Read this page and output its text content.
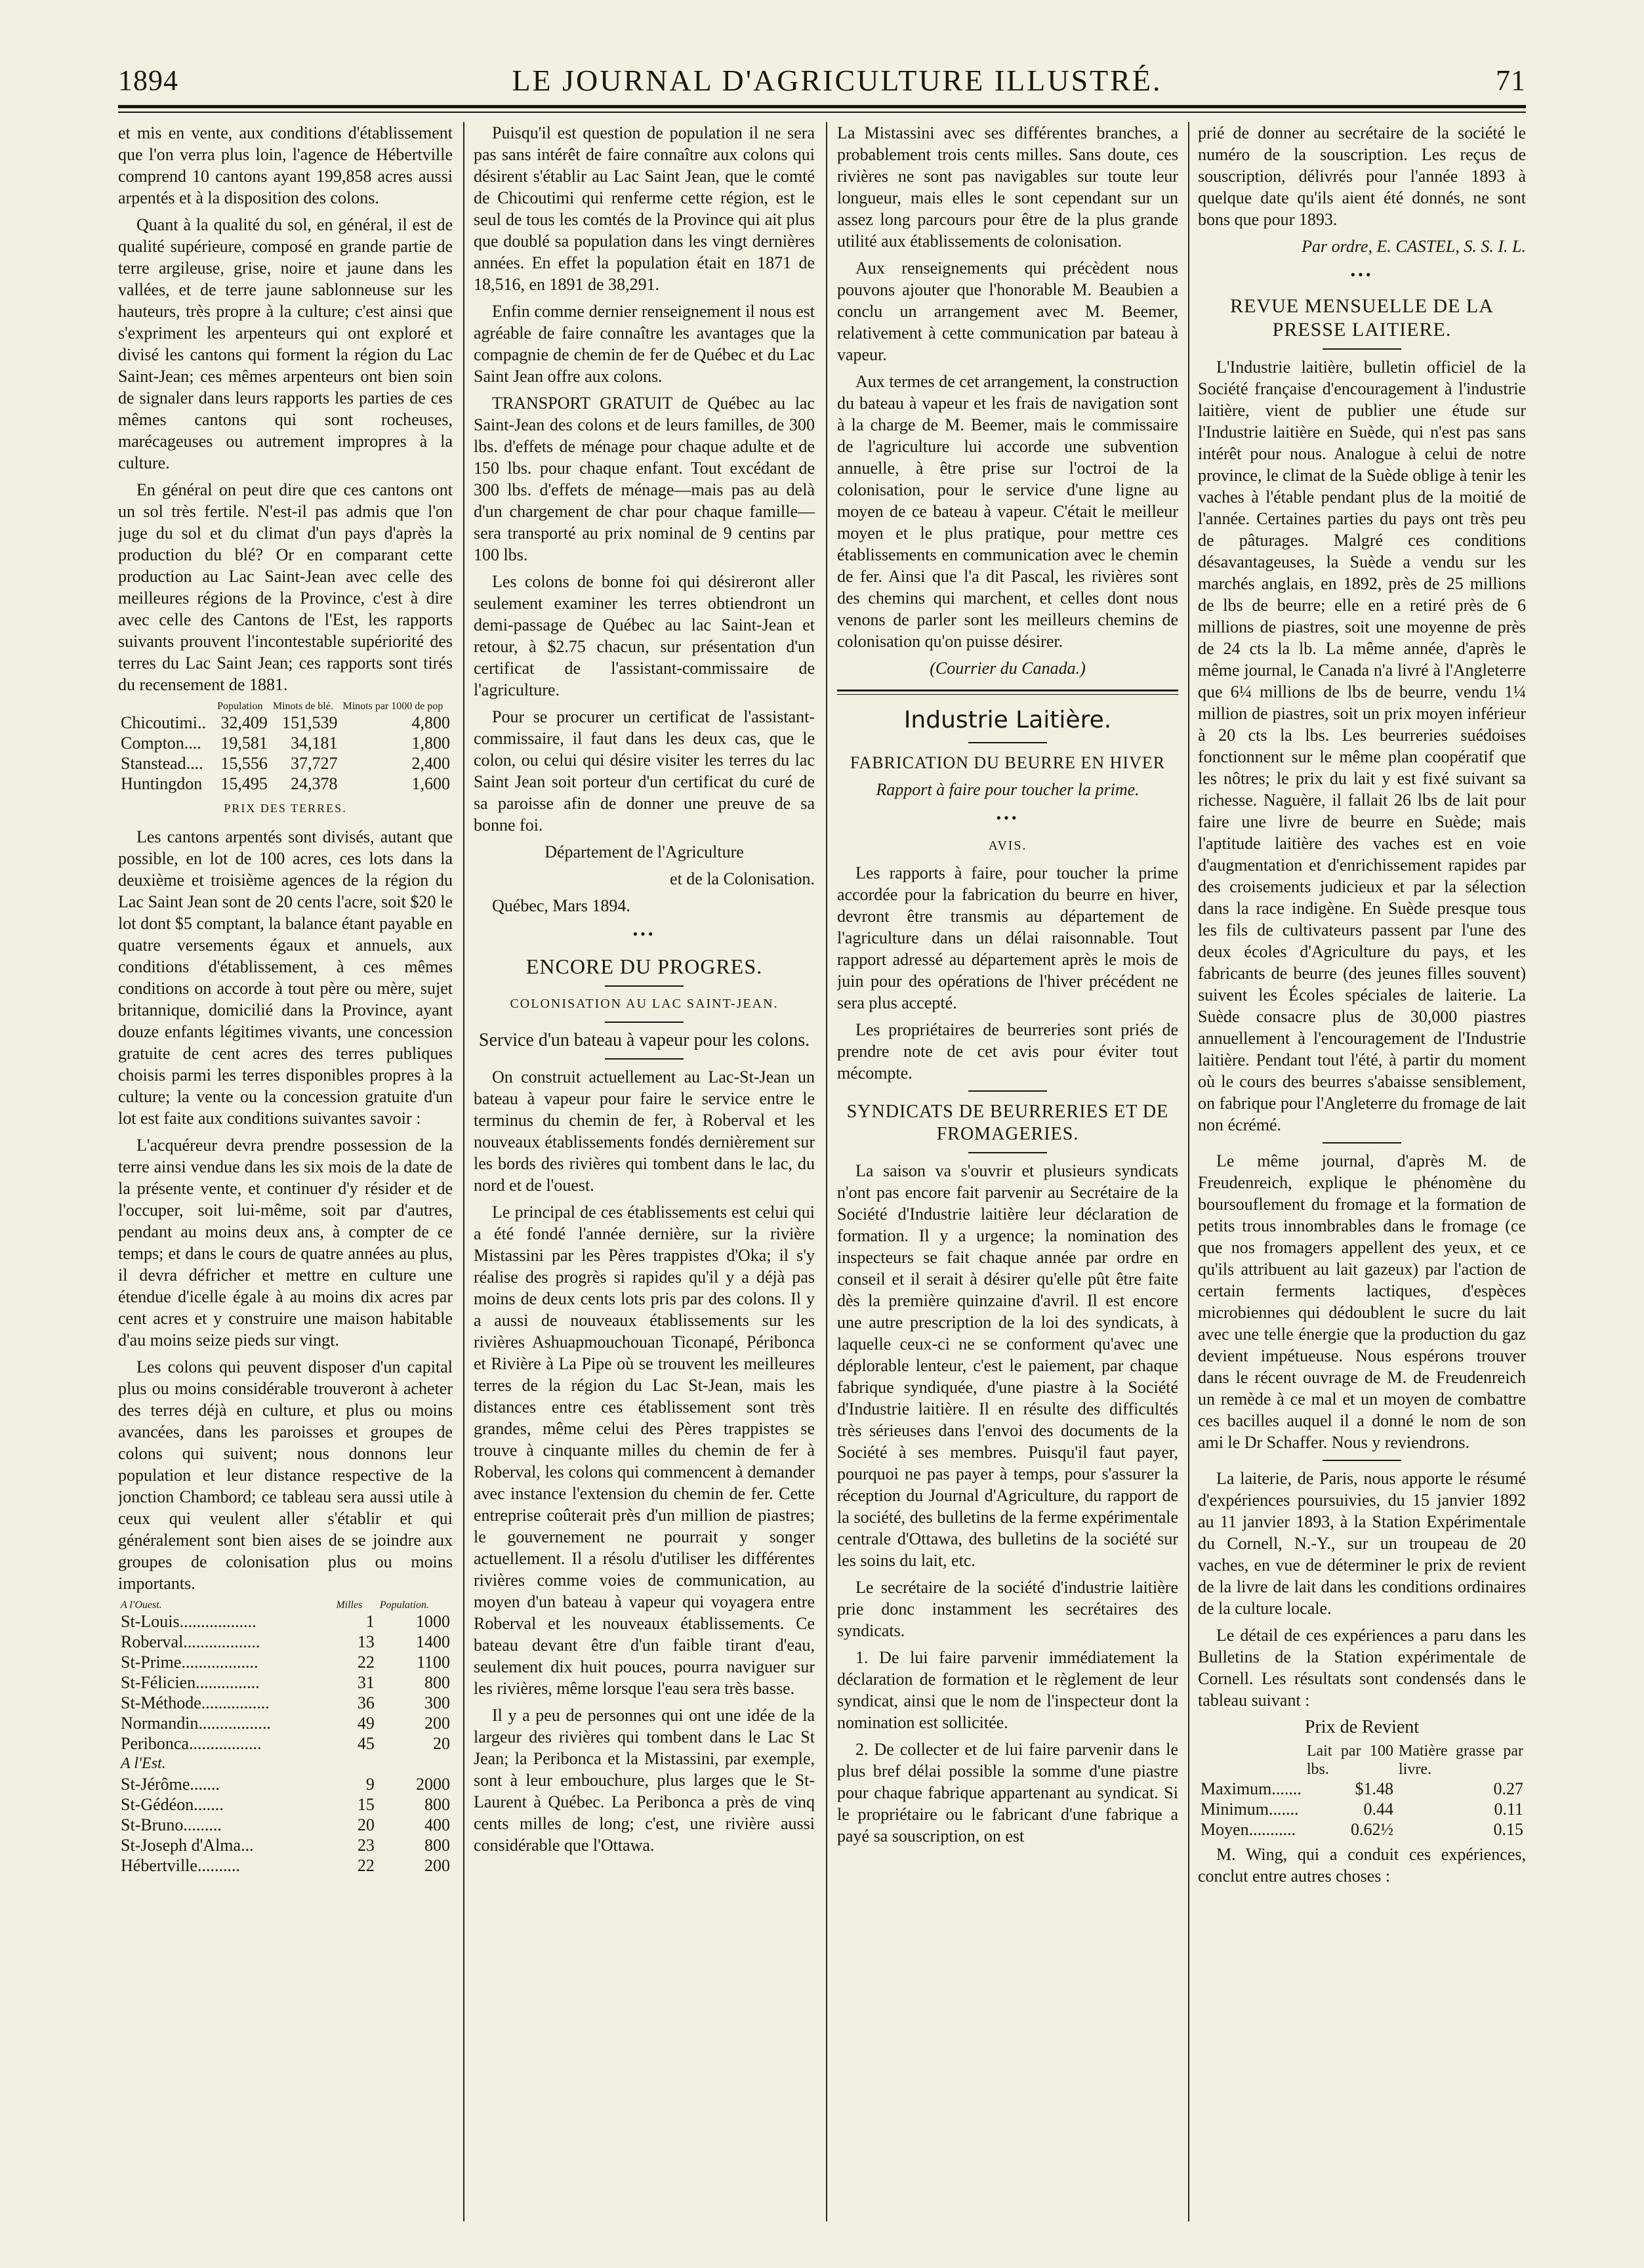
1894	LE JOURNAL D'AGRICULTURE ILLUSTRÉ.	71

et mis en vente, aux conditions d'établissement que l'on verra plus loin, l'agence de Hébertville comprend 10 cantons ayant 199,858 acres aussi arpentés et à la disposition des colons.

Quant à la qualité du sol, en général, il est de qualité supérieure, composé en grande partie de terre argileuse, grise, noire et jaune dans les vallées, et de terre jaune sablonneuse sur les hauteurs, très propre à la culture; c'est ainsi que s'expriment les arpenteurs qui ont exploré et divisé les cantons qui forment la région du Lac Saint-Jean; ces mêmes arpenteurs ont bien soin de signaler dans leurs rapports les parties de ces mêmes cantons qui sont rocheuses, marécageuses ou autrement impropres à la culture.

En général on peut dire que ces cantons ont un sol très fertile. N'est-il pas admis que l'on juge du sol et du climat d'un pays d'après la production du blé? Or en comparant cette production au Lac Saint-Jean avec celle des meilleures régions de la Province, c'est à dire avec celle des Cantons de l'Est, les rapports suivants prouvent l'incontestable supériorité des terres du Lac Saint Jean; ces rapports sont tirés du recensement de 1881.

	Population	Minots de blé.	Minots par 1000 de pop
Chicoutimi..	32,409	151,539	4,800
Compton....	19,581	34,181	1,800
Stanstead....	15,556	37,727	2,400
Huntingdon	15,495	24,378	1,600
PRIX DES TERRES.

Les cantons arpentés sont divisés, autant que possible, en lot de 100 acres, ces lots dans la deuxième et troisième agences de la région du Lac Saint Jean sont de 20 cents l'acre, soit $20 le lot dont $5 comptant, la balance étant payable en quatre versements égaux et annuels, aux conditions d'établissement, à ces mêmes conditions on accorde à tout père ou mère, sujet britannique, domicilié dans la Province, ayant douze enfants légitimes vivants, une concession gratuite de cent acres des terres publiques choisis parmi les terres disponibles propres à la culture; la vente ou la concession gratuite d'un lot est faite aux conditions suivantes savoir :

L'acquéreur devra prendre possession de la terre ainsi vendue dans les six mois de la date de la présente vente, et continuer d'y résider et de l'occuper, soit lui-même, soit par d'autres, pendant au moins deux ans, à compter de ce temps; et dans le cours de quatre années au plus, il devra défricher et mettre en culture une étendue d'icelle égale à au moins dix acres par cent acres et y construire une maison habitable d'au moins seize pieds sur vingt.

Les colons qui peuvent disposer d'un capital plus ou moins considérable trouveront à acheter des terres déjà en culture, et plus ou moins avancées, dans les paroisses et groupes de colons qui suivent; nous donnons leur population et leur distance respective de la jonction Chambord; ce tableau sera aussi utile à ceux qui veulent aller s'établir et qui généralement sont bien aises de se joindre aux groupes de colonisation plus ou moins importants.

A l'Ouest.	Milles	Population.
St-Louis..................	1	1000
Roberval..................	13	1400
St-Prime..................	22	1100
St-Félicien...............	31	800
St-Méthode................	36	300
Normandin.................	49	200
Peribonca.................	45	20
A l'Est.		
St-Jérôme.......	9	2000
St-Gédéon.......	15	800
St-Bruno.........	20	400
St-Joseph d'Alma...	23	800
Hébertville..........	22	200

Puisqu'il est question de population il ne sera pas sans intérêt de faire connaître aux colons qui désirent s'établir au Lac Saint Jean, que le comté de Chicoutimi qui renferme cette région, est le seul de tous les comtés de la Province qui ait plus que doublé sa population dans les vingt dernières années. En effet la population était en 1871 de 18,516, en 1891 de 38,291.

Enfin comme dernier renseignement il nous est agréable de faire connaître les avantages que la compagnie de chemin de fer de Québec et du Lac Saint Jean offre aux colons.

TRANSPORT GRATUIT de Québec au lac Saint-Jean des colons et de leurs familles, de 300 lbs. d'effets de ménage pour chaque adulte et de 150 lbs. pour chaque enfant. Tout excédant de 300 lbs. d'effets de ménage—mais pas au delà d'un chargement de char pour chaque famille—sera transporté au prix nominal de 9 centins par 100 lbs.

Les colons de bonne foi qui désireront aller seulement examiner les terres obtiendront un demi-passage de Québec au lac Saint-Jean et retour, à $2.75 chacun, sur présentation d'un certificat de l'assistant-commissaire de l'agriculture.

Pour se procurer un certificat de l'assistant-commissaire, il faut dans les deux cas, que le colon, ou celui qui désire visiter les terres du lac Saint Jean soit porteur d'un certificat du curé de sa paroisse afin de donner une preuve de sa bonne foi.

Département de l'Agriculture

et de la Colonisation.

Québec, Mars 1894.

•••
ENCORE DU PROGRES.
COLONISATION AU LAC SAINT-JEAN.
Service d'un bateau à vapeur pour les colons.

On construit actuellement au Lac-St-Jean un bateau à vapeur pour faire le service entre le terminus du chemin de fer, à Roberval et les nouveaux établissements fondés dernièrement sur les bords des rivières qui tombent dans le lac, du nord et de l'ouest.

Le principal de ces établissements est celui qui a été fondé l'année dernière, sur la rivière Mistassini par les Pères trappistes d'Oka; il s'y réalise des progrès si rapides qu'il y a déjà pas moins de deux cents lots pris par des colons. Il y a aussi de nouveaux établissements sur les rivières Ashuapmouchouan Ticonapé, Péribonca et Rivière à La Pipe où se trouvent les meilleures terres de la région du Lac St-Jean, mais les distances entre ces établissement sont très grandes, même celui des Pères trappistes se trouve à cinquante milles du chemin de fer à Roberval, les colons qui commencent à demander avec instance l'extension du chemin de fer. Cette entreprise coûterait près d'un million de piastres; le gouvernement ne pourrait y songer actuellement. Il a résolu d'utiliser les différentes rivières comme voies de communication, au moyen d'un bateau à vapeur qui voyagera entre Roberval et les nouveaux établissements. Ce bateau devant être d'un faible tirant d'eau, seulement dix huit pouces, pourra naviguer sur les rivières, même lorsque l'eau sera très basse.

Il y a peu de personnes qui ont une idée de la largeur des rivières qui tombent dans le Lac St Jean; la Peribonca et la Mistassini, par exemple, sont à leur embouchure, plus larges que le St-Laurent à Québec. La Peribonca a près de vinq cents milles de long; c'est, une rivière aussi considérable que l'Ottawa.

La Mistassini avec ses différentes branches, a probablement trois cents milles. Sans doute, ces rivières ne sont pas navigables sur toute leur longueur, mais elles le sont cependant sur un assez long parcours pour être de la plus grande utilité aux établissements de colonisation.

Aux renseignements qui précèdent nous pouvons ajouter que l'honorable M. Beaubien a conclu un arrangement avec M. Beemer, relativement à cette communication par bateau à vapeur.

Aux termes de cet arrangement, la construction du bateau à vapeur et les frais de navigation sont à la charge de M. Beemer, mais le commissaire de l'agriculture lui accorde une subvention annuelle, à être prise sur l'octroi de la colonisation, pour le service d'une ligne au moyen de ce bateau à vapeur. C'était le meilleur moyen et le plus pratique, pour mettre ces établissements en communication avec le chemin de fer. Ainsi que l'a dit Pascal, les rivières sont des chemins qui marchent, et celles dont nous venons de parler sont les meilleurs chemins de colonisation qu'on puisse désirer.

(Courrier du Canada.)

Industrie Laitière.
FABRICATION DU BEURRE EN HIVER

Rapport à faire pour toucher la prime.

•••
AVIS.

Les rapports à faire, pour toucher la prime accordée pour la fabrication du beurre en hiver, devront être transmis au département de l'agriculture dans un délai raisonnable. Tout rapport adressé au département après le mois de juin pour des opérations de l'hiver précédent ne sera plus accepté.

Les propriétaires de beurreries sont priés de prendre note de cet avis pour éviter tout mécompte.

SYNDICATS DE BEURRERIES ET DE FROMAGERIES.

La saison va s'ouvrir et plusieurs syndicats n'ont pas encore fait parvenir au Secrétaire de la Société d'Industrie laitière leur déclaration de formation. Il y a urgence; la nomination des inspecteurs se fait chaque année par ordre en conseil et il serait à désirer qu'elle pût être faite dès la première quinzaine d'avril. Il est encore une autre prescription de la loi des syndicats, à laquelle ceux-ci ne se conforment qu'avec une déplorable lenteur, c'est le paiement, par chaque fabrique syndiquée, d'une piastre à la Société d'Industrie laitière. Il en résulte des difficultés très sérieuses dans l'envoi des documents de la Société à ses membres. Puisqu'il faut payer, pourquoi ne pas payer à temps, pour s'assurer la réception du Journal d'Agriculture, du rapport de la société, des bulletins de la ferme expérimentale centrale d'Ottawa, des bulletins de la société sur les soins du lait, etc.

Le secrétaire de la société d'industrie laitière prie donc instamment les secrétaires des syndicats.

1. De lui faire parvenir immédiatement la déclaration de formation et le règlement de leur syndicat, ainsi que le nom de l'inspecteur dont la nomination est sollicitée.

2. De collecter et de lui faire parvenir dans le plus bref délai possible la somme d'une piastre pour chaque fabrique appartenant au syndicat. Si le propriétaire ou le fabricant d'une fabrique a payé sa souscription, on est

prié de donner au secrétaire de la société le numéro de la souscription. Les reçus de souscription, délivrés pour l'année 1893 à quelque date qu'ils aient été donnés, ne sont bons que pour 1893.

Par ordre, E. CASTEL, S. S. I. L.

•••
REVUE MENSUELLE DE LA PRESSE LAITIERE.

L'Industrie laitière, bulletin officiel de la Société française d'encouragement à l'industrie laitière, vient de publier une étude sur l'Industrie laitière en Suède, qui n'est pas sans intérêt pour nous. Analogue à celui de notre province, le climat de la Suède oblige à tenir les vaches à l'étable pendant plus de la moitié de l'année. Certaines parties du pays ont très peu de pâturages. Malgré ces conditions désavantageuses, la Suède a vendu sur les marchés anglais, en 1892, près de 25 millions de lbs de beurre; elle en a retiré près de 6 millions de piastres, soit une moyenne de près de 24 cts la lb. La même année, d'après le même journal, le Canada n'a livré à l'Angleterre que 6¼ millions de lbs de beurre, vendu 1¼ million de piastres, soit un prix moyen inférieur à 20 cts la lbs. Les beurreries suédoises fonctionnent sur le même plan coopératif que les nôtres; le prix du lait y est fixé suivant sa richesse. Naguère, il fallait 26 lbs de lait pour faire une livre de beurre en Suède; mais l'aptitude laitière des vaches est en voie d'augmentation et d'enrichissement rapides par des croisements judicieux et par la sélection dans la race indigène. En Suède presque tous les fils de cultivateurs passent par l'une des deux écoles d'Agriculture du pays, et les fabricants de beurre (des jeunes filles souvent) suivent les Écoles spéciales de laiterie. La Suède consacre plus de 30,000 piastres annuellement à l'encouragement de l'Industrie laitière. Pendant tout l'été, à partir du moment où le cours des beurres s'abaisse sensiblement, on fabrique pour l'Angleterre du fromage de lait non écrémé.

Le même journal, d'après M. de Freudenreich, explique le phénomène du boursouflement du fromage et la formation de petits trous innombrables dans le fromage (ce que nos fromagers appellent des yeux, et ce qu'ils attribuent au lait gazeux) par l'action de certain ferments lactiques, d'espèces microbiennes qui dédoublent le sucre du lait avec une telle énergie que la production du gaz devient impétueuse. Nous espérons trouver dans le récent ouvrage de M. de Freudenreich un remède à ce mal et un moyen de combattre ces bacilles auquel il a donné le nom de son ami le Dr Schaffer. Nous y reviendrons.

La laiterie, de Paris, nous apporte le résumé d'expériences poursuivies, du 15 janvier 1892 au 11 janvier 1893, à la Station Expérimentale du Cornell, N.-Y., sur un troupeau de 20 vaches, en vue de déterminer le prix de revient de la livre de lait dans les conditions ordinaires de la culture locale.

Le détail de ces expériences a paru dans les Bulletins de la Station expérimentale de Cornell. Les résultats sont condensés dans le tableau suivant :

Prix de Revient
	Lait par 100 lbs.	Matière grasse par livre.
Maximum.......	$1.48	0.27
Minimum.......	0.44	0.11
Moyen...........	0.62½	0.15

M. Wing, qui a conduit ces expériences, conclut entre autres choses :
